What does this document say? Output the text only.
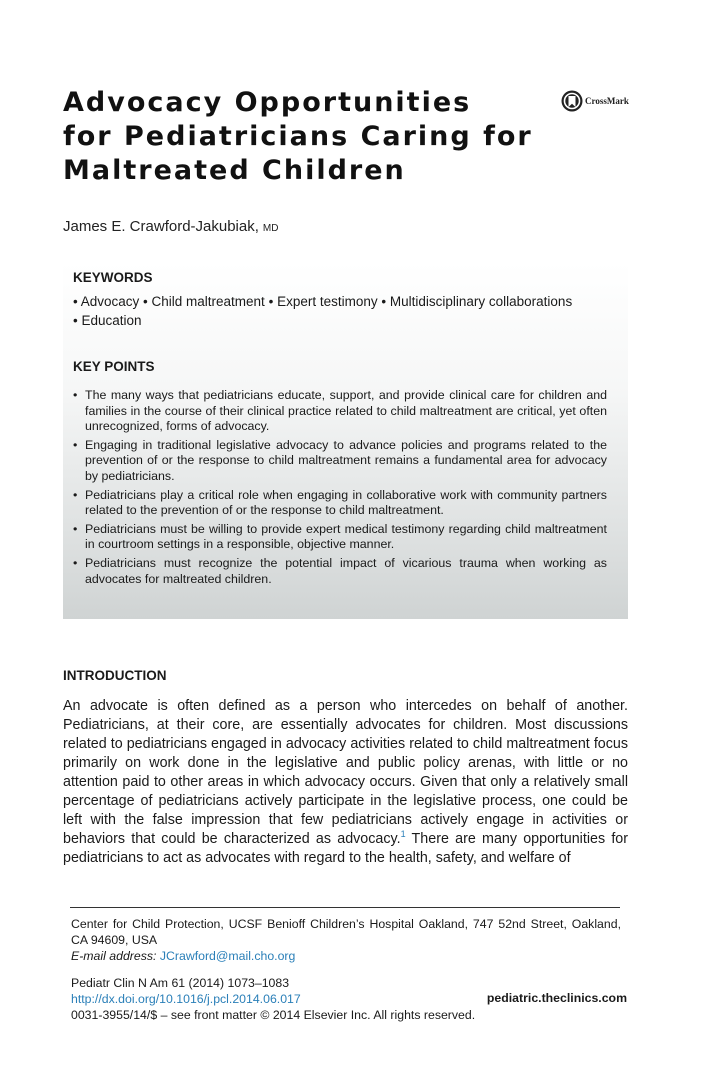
Advocacy Opportunities
for Pediatricians Caring for
Maltreated Children
CrossMark
James E. Crawford-Jakubiak, MD
KEYWORDS
• Advocacy • Child maltreatment • Expert testimony • Multidisciplinary collaborations
• Education
KEY POINTS
• The many ways that pediatricians educate, support, and provide clinical care for children and families in the course of their clinical practice related to child maltreatment are critical, yet often unrecognized, forms of advocacy.
• Engaging in traditional legislative advocacy to advance policies and programs related to the prevention of or the response to child maltreatment remains a fundamental area for advocacy by pediatricians.
• Pediatricians play a critical role when engaging in collaborative work with community partners related to the prevention of or the response to child maltreatment.
• Pediatricians must be willing to provide expert medical testimony regarding child maltreatment in courtroom settings in a responsible, objective manner.
• Pediatricians must recognize the potential impact of vicarious trauma when working as advocates for maltreated children.
INTRODUCTION
An advocate is often defined as a person who intercedes on behalf of another. Pediatricians, at their core, are essentially advocates for children. Most discussions related to pediatricians engaged in advocacy activities related to child maltreatment focus primarily on work done in the legislative and public policy arenas, with little or no attention paid to other areas in which advocacy occurs. Given that only a relatively small percentage of pediatricians actively participate in the legislative process, one could be left with the false impression that few pediatricians actively engage in activities or behaviors that could be characterized as advocacy.$^1$ There are many opportunities for pediatricians to act as advocates with regard to the health, safety, and welfare of
Center for Child Protection, UCSF Benioff Children’s Hospital Oakland, 747 52nd Street, Oakland, CA 94609, USA
E-mail address: JCrawford@mail.cho.org
Pediatr Clin N Am 61 (2014) 1073–1083
http://dx.doi.org/10.1016/j.pcl.2014.06.017	pediatric.theclinics.com
0031-3955/14/$ – see front matter © 2014 Elsevier Inc. All rights reserved.
